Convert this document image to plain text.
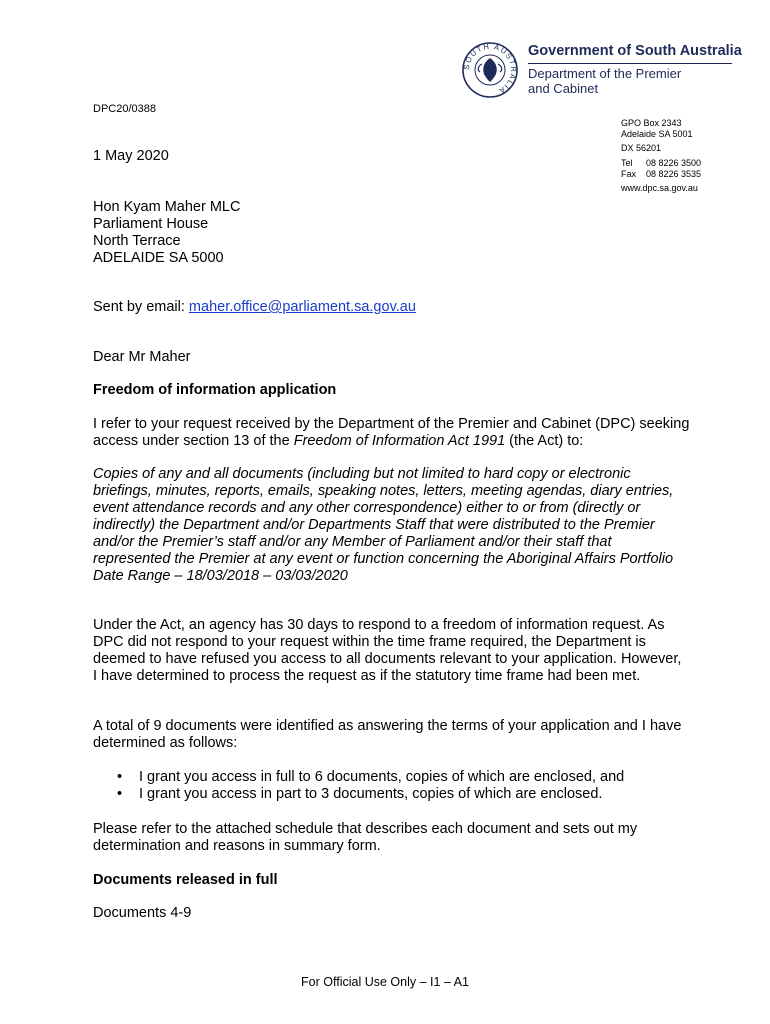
SOUTH AUSTRALIA
Government of South Australia
Department of the Premier
and Cabinet
DPC20/0388
GPO Box 2343
Adelaide SA 5001
DX 56201
Tel 08 8226 3500
Fax 08 8226 3535
www.dpc.sa.gov.au
1 May 2020
Hon Kyam Maher MLC
Parliament House
North Terrace
ADELAIDE SA 5000
Sent by email: maher.office@parliament.sa.gov.au
Dear Mr Maher
Freedom of information application
I refer to your request received by the Department of the Premier and Cabinet (DPC) seeking access under section 13 of the Freedom of Information Act 1991 (the Act) to:
Copies of any and all documents (including but not limited to hard copy or electronic briefings, minutes, reports, emails, speaking notes, letters, meeting agendas, diary entries, event attendance records and any other correspondence) either to or from (directly or indirectly) the Department and/or Departments Staff that were distributed to the Premier and/or the Premier’s staff and/or any Member of Parliament and/or their staff that represented the Premier at any event or function concerning the Aboriginal Affairs Portfolio
Date Range – 18/03/2018 – 03/03/2020
Under the Act, an agency has 30 days to respond to a freedom of information request. As DPC did not respond to your request within the time frame required, the Department is deemed to have refused you access to all documents relevant to your application. However, I have determined to process the request as if the statutory time frame had been met.
A total of 9 documents were identified as answering the terms of your application and I have determined as follows:
• I grant you access in full to 6 documents, copies of which are enclosed, and
• I grant you access in part to 3 documents, copies of which are enclosed.
Please refer to the attached schedule that describes each document and sets out my determination and reasons in summary form.
Documents released in full
Documents 4-9
For Official Use Only – I1 – A1
